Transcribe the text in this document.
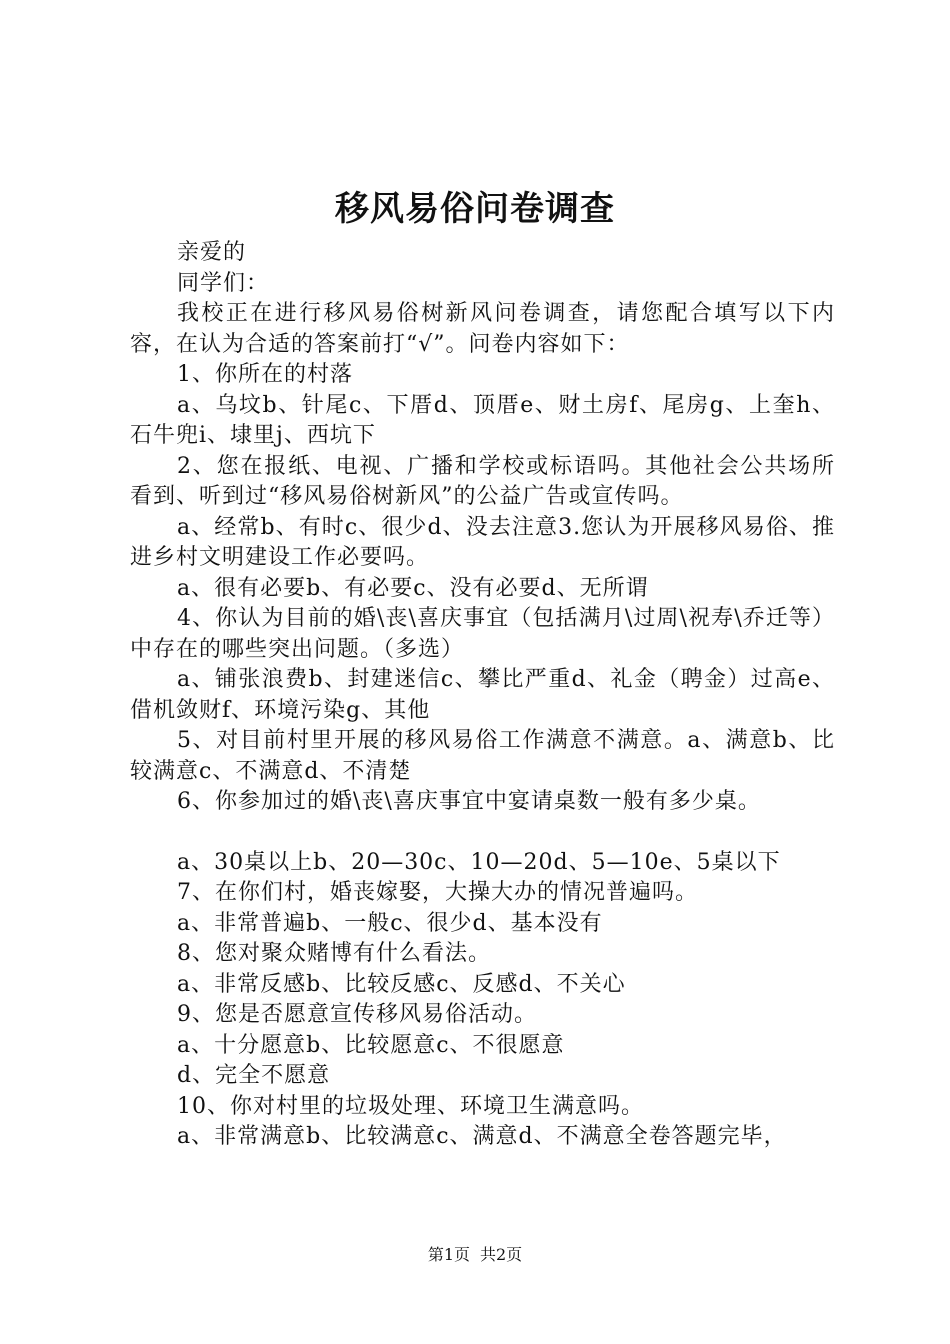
移风易俗问卷调查

亲爱的

同学们：

我校正在进行移风易俗树新风问卷调查，请您配合填写以下内容，在认为合适的答案前打“√”。问卷内容如下：

1、你所在的村落

a、乌坟b、针尾c、下厝d、顶厝e、财土房f、尾房g、上奎h、石牛兜i、埭里j、西坑下

2、您在报纸、电视、广播和学校或标语吗。其他社会公共场所看到、听到过“移风易俗树新风”的公益广告或宣传吗。

a、经常b、有时c、很少d、没去注意3.您认为开展移风易俗、推进乡村文明建设工作必要吗。

a、很有必要b、有必要c、没有必要d、无所谓

4、你认为目前的婚\丧\喜庆事宜（包括满月\过周\祝寿\乔迁等）中存在的哪些突出问题。（多选）

a、铺张浪费b、封建迷信c、攀比严重d、礼金（聘金）过高e、借机敛财f、环境污染g、其他

5、对目前村里开展的移风易俗工作满意不满意。a、满意b、比较满意c、不满意d、不清楚

6、你参加过的婚\丧\喜庆事宜中宴请桌数一般有多少桌。

a、30桌以上b、20—30c、10—20d、5—10e、5桌以下

7、在你们村，婚丧嫁娶，大操大办的情况普遍吗。

a、非常普遍b、一般c、很少d、基本没有

8、您对聚众赌博有什么看法。

a、非常反感b、比较反感c、反感d、不关心

9、您是否愿意宣传移风易俗活动。

a、十分愿意b、比较愿意c、不很愿意

d、完全不愿意

10、你对村里的垃圾处理、环境卫生满意吗。

a、非常满意b、比较满意c、满意d、不满意全卷答题完毕，

第1页 共2页
